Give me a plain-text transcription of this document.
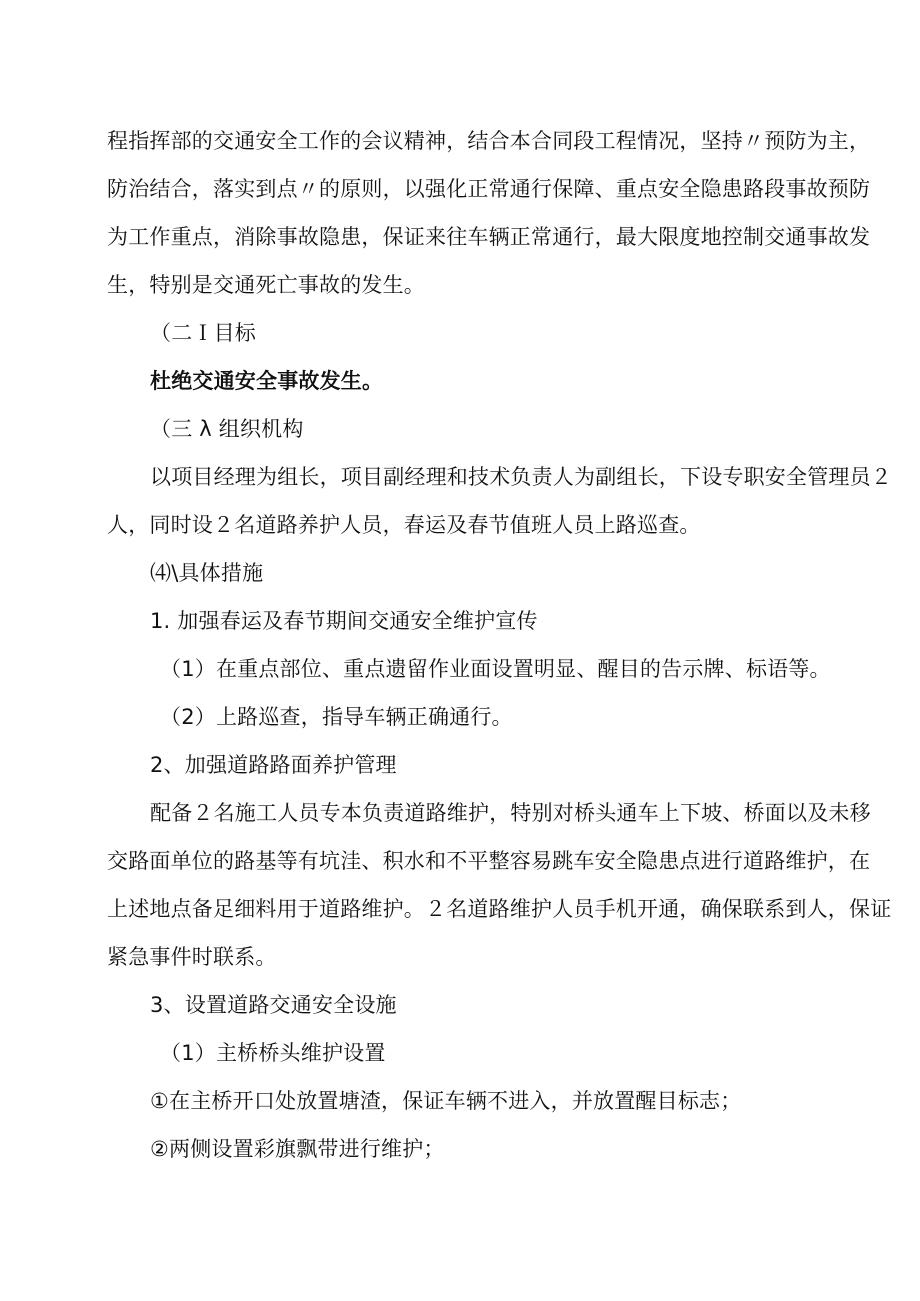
程指挥部的交通安全工作的会议精神，结合本合同段工程情况，坚持〃预防为主，
防治结合，落实到点〃的原则，以强化正常通行保障、重点安全隐患路段事故预防
为工作重点，消除事故隐患，保证来往车辆正常通行，最大限度地控制交通事故发
生，特别是交通死亡事故的发生。
（二Ｉ目标
杜绝交通安全事故发生。
（三 λ 组织机构
以项目经理为组长，项目副经理和技术负责人为副组长，下设专职安全管理员２
人，同时设２名道路养护人员，春运及春节值班人员上路巡查。
⑷\具体措施
1. 加强春运及春节期间交通安全维护宣传
（1）在重点部位、重点遗留作业面设置明显、醒目的告示牌、标语等。
（2）上路巡查，指导车辆正确通行。
2、加强道路路面养护管理
配备２名施工人员专本负责道路维护，特别对桥头通车上下坡、桥面以及未移
交路面单位的路基等有坑洼、积水和不平整容易跳车安全隐患点进行道路维护，在
上述地点备足细料用于道路维护。２名道路维护人员手机开通，确保联系到人，保证
紧急事件时联系。
3、设置道路交通安全设施
（1）主桥桥头维护设置
①在主桥开口处放置塘渣，保证车辆不进入，并放置醒目标志；
②两侧设置彩旗飘带进行维护；
